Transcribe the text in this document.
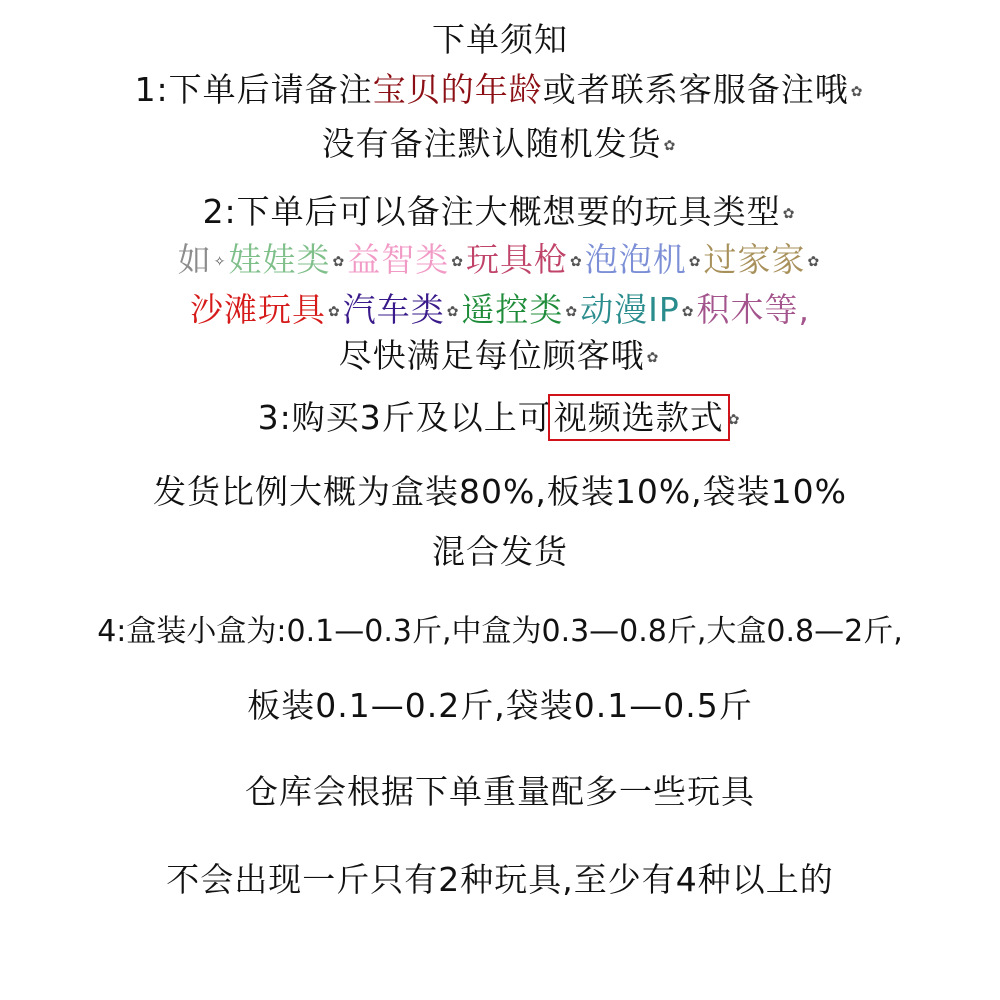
下单须知
1:下单后请备注宝贝的年龄或者联系客服备注哦 ✿
没有备注默认随机发货 ✿
2:下单后可以备注大概想要的玩具类型 ✿
如 ✧娃娃类 ✿益智类 ✿玩具枪 ✿泡泡机 ✿过家家 ✿
沙滩玩具 ✿汽车类 ✿遥控类 ✿动漫IP ✿积木等,
尽快满足每位顾客哦 ✿
3:购买3斤及以上可视频选款式 ✿
发货比例大概为盒装80%,板装10%,袋装10%
混合发货
4:盒装小盒为:0.1—0.3斤,中盒为0.3—0.8斤,大盒0.8—2斤,
板装0.1—0.2斤,袋装0.1—0.5斤
仓库会根据下单重量配多一些玩具
不会出现一斤只有2种玩具,至少有4种以上的
